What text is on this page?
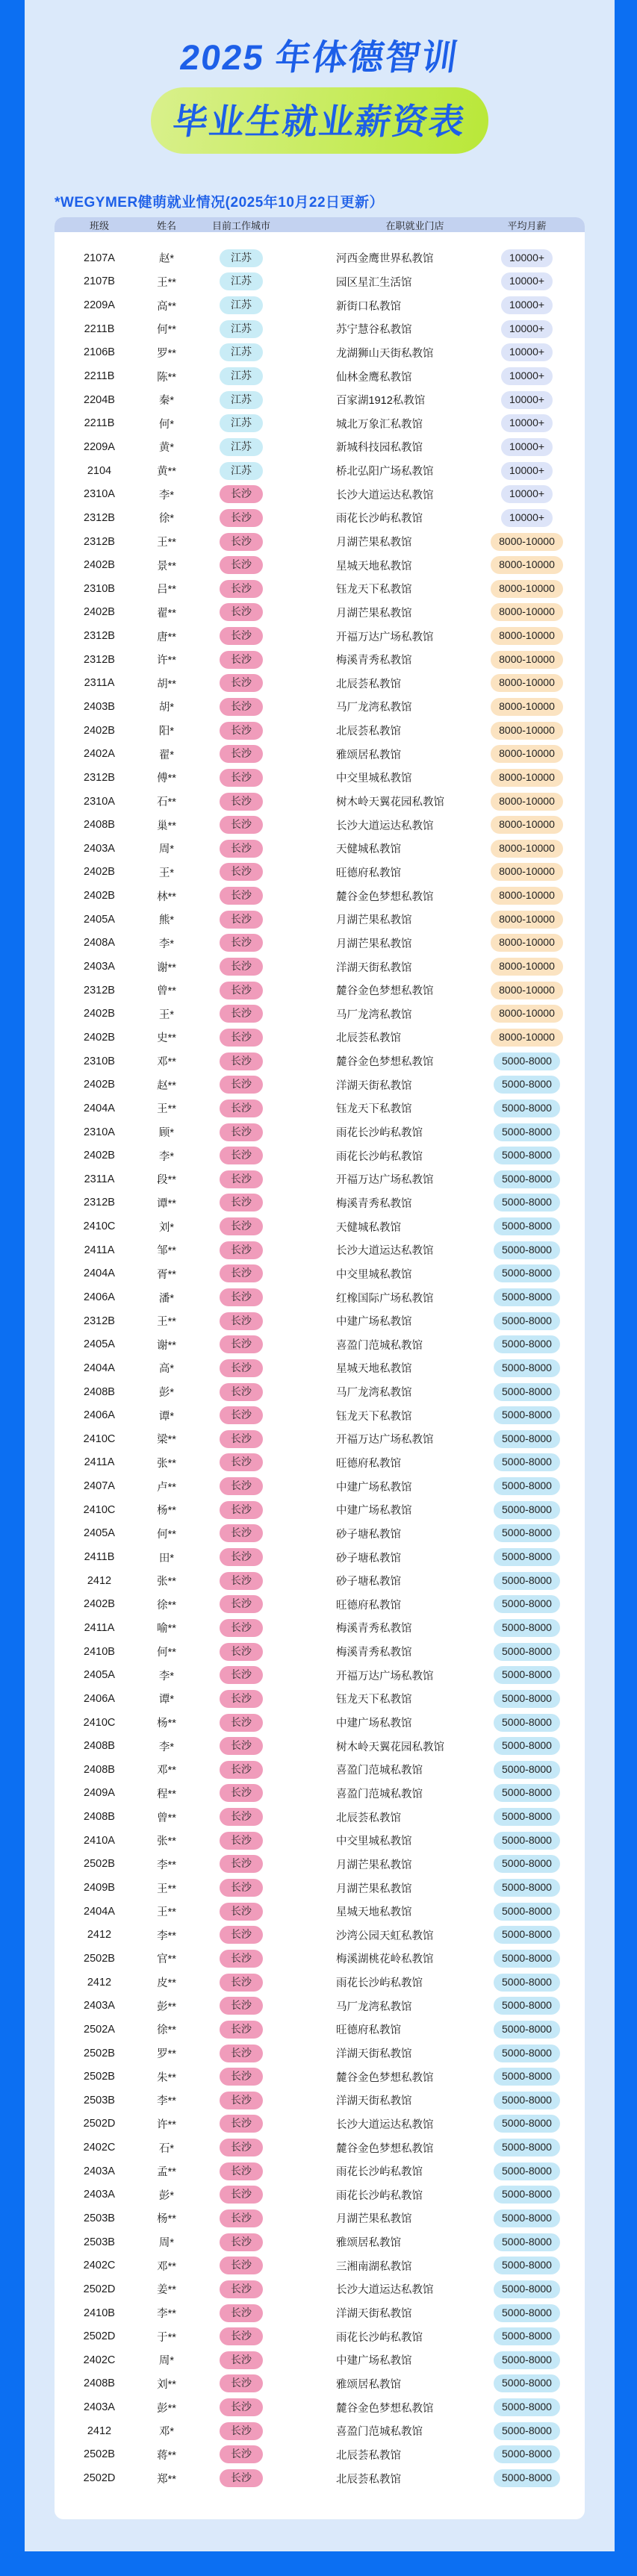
2025 年体德智训
毕业生就业薪资表
*WEGYMER健萌就业情况(2025年10月22日更新）
班级	姓名	目前工作城市	在职就业门店	平均月薪
2107A	赵*	江苏	河西金鹰世界私教馆	10000+
2107B	王**	江苏	园区星汇生活馆	10000+
2209A	高**	江苏	新街口私教馆	10000+
2211B	何**	江苏	苏宁慧谷私教馆	10000+
2106B	罗**	江苏	龙湖狮山天街私教馆	10000+
2211B	陈**	江苏	仙林金鹰私教馆	10000+
2204B	秦*	江苏	百家湖1912私教馆	10000+
2211B	何*	江苏	城北万象汇私教馆	10000+
2209A	黄*	江苏	新城科技园私教馆	10000+
2104	黄**	江苏	桥北弘阳广场私教馆	10000+
2310A	李*	长沙	长沙大道运达私教馆	10000+
2312B	徐*	长沙	雨花长沙屿私教馆	10000+
2312B	王**	长沙	月湖芒果私教馆	8000-10000
2402B	景**	长沙	星城天地私教馆	8000-10000
2310B	吕**	长沙	钰龙天下私教馆	8000-10000
2402B	翟**	长沙	月湖芒果私教馆	8000-10000
2312B	唐**	长沙	开福万达广场私教馆	8000-10000
2312B	许**	长沙	梅溪青秀私教馆	8000-10000
2311A	胡**	长沙	北辰荟私教馆	8000-10000
2403B	胡*	长沙	马厂龙湾私教馆	8000-10000
2402B	阳*	长沙	北辰荟私教馆	8000-10000
2402A	翟*	长沙	雅颂居私教馆	8000-10000
2312B	傅**	长沙	中交里城私教馆	8000-10000
2310A	石**	长沙	树木岭天翼花园私教馆	8000-10000
2408B	巢**	长沙	长沙大道运达私教馆	8000-10000
2403A	周*	长沙	天健城私教馆	8000-10000
2402B	王*	长沙	旺德府私教馆	8000-10000
2402B	林**	长沙	麓谷金色梦想私教馆	8000-10000
2405A	熊*	长沙	月湖芒果私教馆	8000-10000
2408A	李*	长沙	月湖芒果私教馆	8000-10000
2403A	谢**	长沙	洋湖天街私教馆	8000-10000
2312B	曾**	长沙	麓谷金色梦想私教馆	8000-10000
2402B	王*	长沙	马厂龙湾私教馆	8000-10000
2402B	史**	长沙	北辰荟私教馆	8000-10000
2310B	邓**	长沙	麓谷金色梦想私教馆	5000-8000
2402B	赵**	长沙	洋湖天街私教馆	5000-8000
2404A	王**	长沙	钰龙天下私教馆	5000-8000
2310A	顾*	长沙	雨花长沙屿私教馆	5000-8000
2402B	李*	长沙	雨花长沙屿私教馆	5000-8000
2311A	段**	长沙	开福万达广场私教馆	5000-8000
2312B	谭**	长沙	梅溪青秀私教馆	5000-8000
2410C	刘*	长沙	天健城私教馆	5000-8000
2411A	邹**	长沙	长沙大道运达私教馆	5000-8000
2404A	胥**	长沙	中交里城私教馆	5000-8000
2406A	潘*	长沙	红橡国际广场私教馆	5000-8000
2312B	王**	长沙	中建广场私教馆	5000-8000
2405A	谢**	长沙	喜盈门范城私教馆	5000-8000
2404A	高*	长沙	星城天地私教馆	5000-8000
2408B	彭*	长沙	马厂龙湾私教馆	5000-8000
2406A	谭*	长沙	钰龙天下私教馆	5000-8000
2410C	梁**	长沙	开福万达广场私教馆	5000-8000
2411A	张**	长沙	旺德府私教馆	5000-8000
2407A	卢**	长沙	中建广场私教馆	5000-8000
2410C	杨**	长沙	中建广场私教馆	5000-8000
2405A	何**	长沙	砂子塘私教馆	5000-8000
2411B	田*	长沙	砂子塘私教馆	5000-8000
2412	张**	长沙	砂子塘私教馆	5000-8000
2402B	徐**	长沙	旺德府私教馆	5000-8000
2411A	喻**	长沙	梅溪青秀私教馆	5000-8000
2410B	何**	长沙	梅溪青秀私教馆	5000-8000
2405A	李*	长沙	开福万达广场私教馆	5000-8000
2406A	谭*	长沙	钰龙天下私教馆	5000-8000
2410C	杨**	长沙	中建广场私教馆	5000-8000
2408B	李*	长沙	树木岭天翼花园私教馆	5000-8000
2408B	邓**	长沙	喜盈门范城私教馆	5000-8000
2409A	程**	长沙	喜盈门范城私教馆	5000-8000
2408B	曾**	长沙	北辰荟私教馆	5000-8000
2410A	张**	长沙	中交里城私教馆	5000-8000
2502B	李**	长沙	月湖芒果私教馆	5000-8000
2409B	王**	长沙	月湖芒果私教馆	5000-8000
2404A	王**	长沙	星城天地私教馆	5000-8000
2412	李**	长沙	沙湾公园天虹私教馆	5000-8000
2502B	官**	长沙	梅溪湖桃花岭私教馆	5000-8000
2412	皮**	长沙	雨花长沙屿私教馆	5000-8000
2403A	彭**	长沙	马厂龙湾私教馆	5000-8000
2502A	徐**	长沙	旺德府私教馆	5000-8000
2502B	罗**	长沙	洋湖天街私教馆	5000-8000
2502B	朱**	长沙	麓谷金色梦想私教馆	5000-8000
2503B	李**	长沙	洋湖天街私教馆	5000-8000
2502D	许**	长沙	长沙大道运达私教馆	5000-8000
2402C	石*	长沙	麓谷金色梦想私教馆	5000-8000
2403A	孟**	长沙	雨花长沙屿私教馆	5000-8000
2403A	彭*	长沙	雨花长沙屿私教馆	5000-8000
2503B	杨**	长沙	月湖芒果私教馆	5000-8000
2503B	周*	长沙	雅颂居私教馆	5000-8000
2402C	邓**	长沙	三湘南湖私教馆	5000-8000
2502D	姜**	长沙	长沙大道运达私教馆	5000-8000
2410B	李**	长沙	洋湖天街私教馆	5000-8000
2502D	于**	长沙	雨花长沙屿私教馆	5000-8000
2402C	周*	长沙	中建广场私教馆	5000-8000
2408B	刘**	长沙	雅颂居私教馆	5000-8000
2403A	彭**	长沙	麓谷金色梦想私教馆	5000-8000
2412	邓*	长沙	喜盈门范城私教馆	5000-8000
2502B	蒋**	长沙	北辰荟私教馆	5000-8000
2502D	郑**	长沙	北辰荟私教馆	5000-8000
